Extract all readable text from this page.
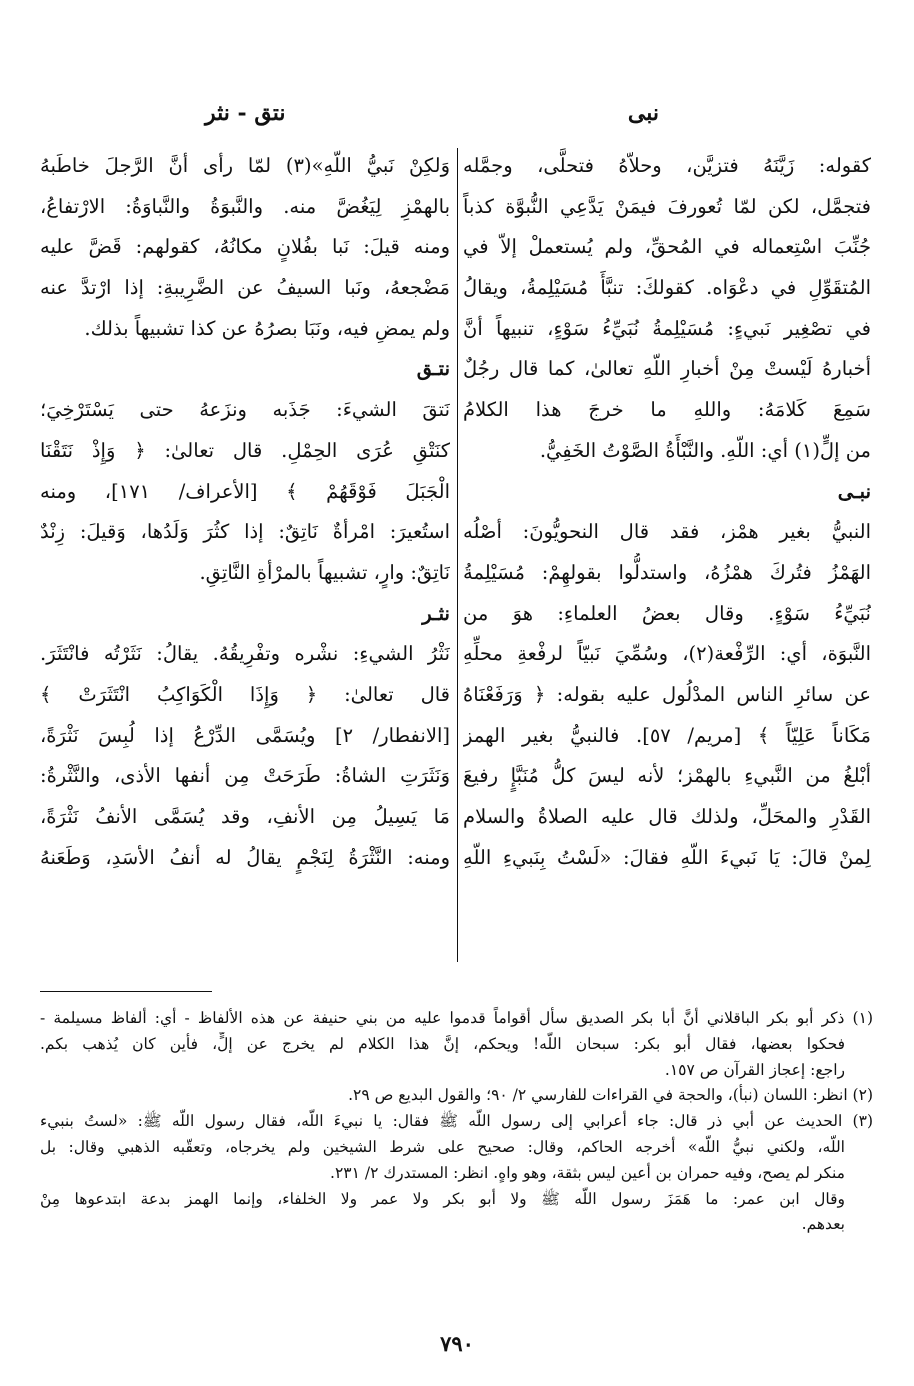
نبى
نتق - نثر
كقوله: زَيَّنَهُ فتزيَّن، وحلاّهُ فتحلَّى، وجمَّله
فتجمَّل، لكن لمّا تُعورفَ فيمَنْ يَدَّعِي النُّبوَّة كذباً
جُنِّبَ اسْتِعماله في المُحقِّ، ولم يُستعملْ إلاّ في
المُتقَوِّلِ في دعْوَاه. كقولكَ: تنبَّأَ مُسَيْلِمةُ، ويقالُ
في تصْغِير نَبيءٍ: مُسَيْلِمةُ نُبَيِّءُ سَوْءٍ، تنبيهاً أنَّ
أخبارهُ لَيْستْ مِنْ أخبارِ اللّهِ تعالىٰ، كما قال رجُلٌ
سَمِعَ كَلامَهُ: واللهِ ما خرجَ هذا الكلامُ
من إلٍّ(١) أي: اللّهِ. والنَّبْأَةُ الصَّوْتُ الخَفِيُّ.
نبـى
النبيُّ بغير همْز، فقد قال النحويُّونَ: أصْلُه
الهَمْزُ فتُركَ همْزُهُ، واستدلُّوا بقولهِمْ: مُسَيْلِمةُ
نُبَيِّءُ سَوْءٍ. وقال بعضُ العلماءِ: هوَ من
النَّبوَة، أي: الرِّفْعة(٢)، وسُمِّيَ نَبيّاً لرفْعةِ محلِّهِ
عن سائرِ الناس المدْلُول عليه بقوله: ﴿ وَرَفَعْنَاهُ
مَكَاناً عَلِيّاً ﴾ [مريم/ ٥٧]. فالنبيُّ بغير الهمز
أبْلغُ من النَّبيءِ بالهمْز؛ لأنه ليسَ كلُّ مُنَبَّإٍ رفيعَ
القَدْرِ والمحَلِّ، ولذلك قال عليه الصلاةُ والسلام
لِمنْ قالَ: يَا نَبيءَ اللّهِ فقالَ: «لَسْتُ بِنَبيءِ اللّهِ
وَلكِنْ نَبيُّ اللّهِ»(٣) لمّا رأى أنَّ الرَّجلَ خاطَبهُ
بالهمْزِ لِيَغُضَّ منه. والنَّبوَةُ والنَّباوَةُ: الارْتفاعُ،
ومنه قيلَ: نَبا بفُلانٍ مكانُهُ، كقولهم: قَضَّ عليه
مَضْجعهُ، ونَبا السيفُ عن الضَّرِيبةِ: إذا ارْتدَّ عنه
ولم يمضِ فيه، ونَبَا بصرُهُ عن كذا تشبيهاً بذلك.
نتـق
نَتقَ الشيءَ: جَذَبه ونزَعهُ حتى يَسْتَرْخِيَ؛
كنَتْقِ عُرَى الحِمْلِ. قال تعالىٰ: ﴿ وَإِذْ نَتَقْنَا
الْجَبَلَ فَوْقَهُمْ ﴾ [الأعراف/ ١٧١]، ومنه
استُعيرَ: امْرأةٌ نَاتِقٌ: إذا كثُرَ وَلَدُها، وَقيلَ: زِنْدٌ
نَاتِقٌ: وارٍ، تشبيهاً بالمرْأةِ النَّاتِقِ.
نثـر
نَثْرُ الشيءِ: نشْره وتفْرِيقُهُ. يقالُ: نَثَرْتُه فانْتَثَرَ.
قال تعالىٰ: ﴿ وَإِذَا الْكَوَاكِبُ انْتَثَرَتْ ﴾
[الانفطار/ ٢] ويُسَمَّى الدِّرْعُ إذا لُبِسَ نَثْرَةً،
وَنَثَرَتِ الشاةُ: طَرَحَتْ مِن أنفها الأذى، والنَّثْرةُ:
مَا يَسِيلُ مِن الأنفِ، وقد يُسَمَّى الأنفُ نَثْرَةً،
ومنه: النَّثْرَةُ لِنَجْمٍ يقالُ له أنفُ الأسَدِ، وَطَعَنهُ
(١) ذكر أبو بكر الباقلاني أنَّ أبا بكر الصديق سأل أقواماً قدموا عليه من بني حنيفة عن هذه الألفاظ - أي: ألفاظ مسيلمة -
فحكوا بعضها، فقال أبو بكر: سبحان اللّه! ويحكم، إنَّ هذا الكلام لم يخرج عن إلٍّ، فأين كان يُذهب بكم.
راجع: إعجاز القرآن ص ١٥٧.
(٢) انظر: اللسان (نبأ)، والحجة في القراءات للفارسي ٢/ ٩٠؛ والقول البديع ص ٢٩.
(٣) الحديث عن أبي ذر قال: جاء أعرابي إلى رسول اللّه ﷺ فقال: يا نبيءَ اللّه، فقال رسول اللّه ﷺ: «لستُ بنبيء
اللّه، ولكني نبيُّ اللّه» أخرجه الحاكم، وقال: صحيح على شرط الشيخين ولم يخرجاه، وتعقّبه الذهبي وقال: بل
منكر لم يصح، وفيه حمران بن أعين ليس بثقة، وهو واهٍ. انظر: المستدرك ٢/ ٢٣١.
وقال ابن عمر: ما هَمَزَ رسول اللّه ﷺ ولا أبو بكر ولا عمر ولا الخلفاء، وإنما الهمز بدعة ابتدعوها مِنْ
بعدهم.
٧٩٠
